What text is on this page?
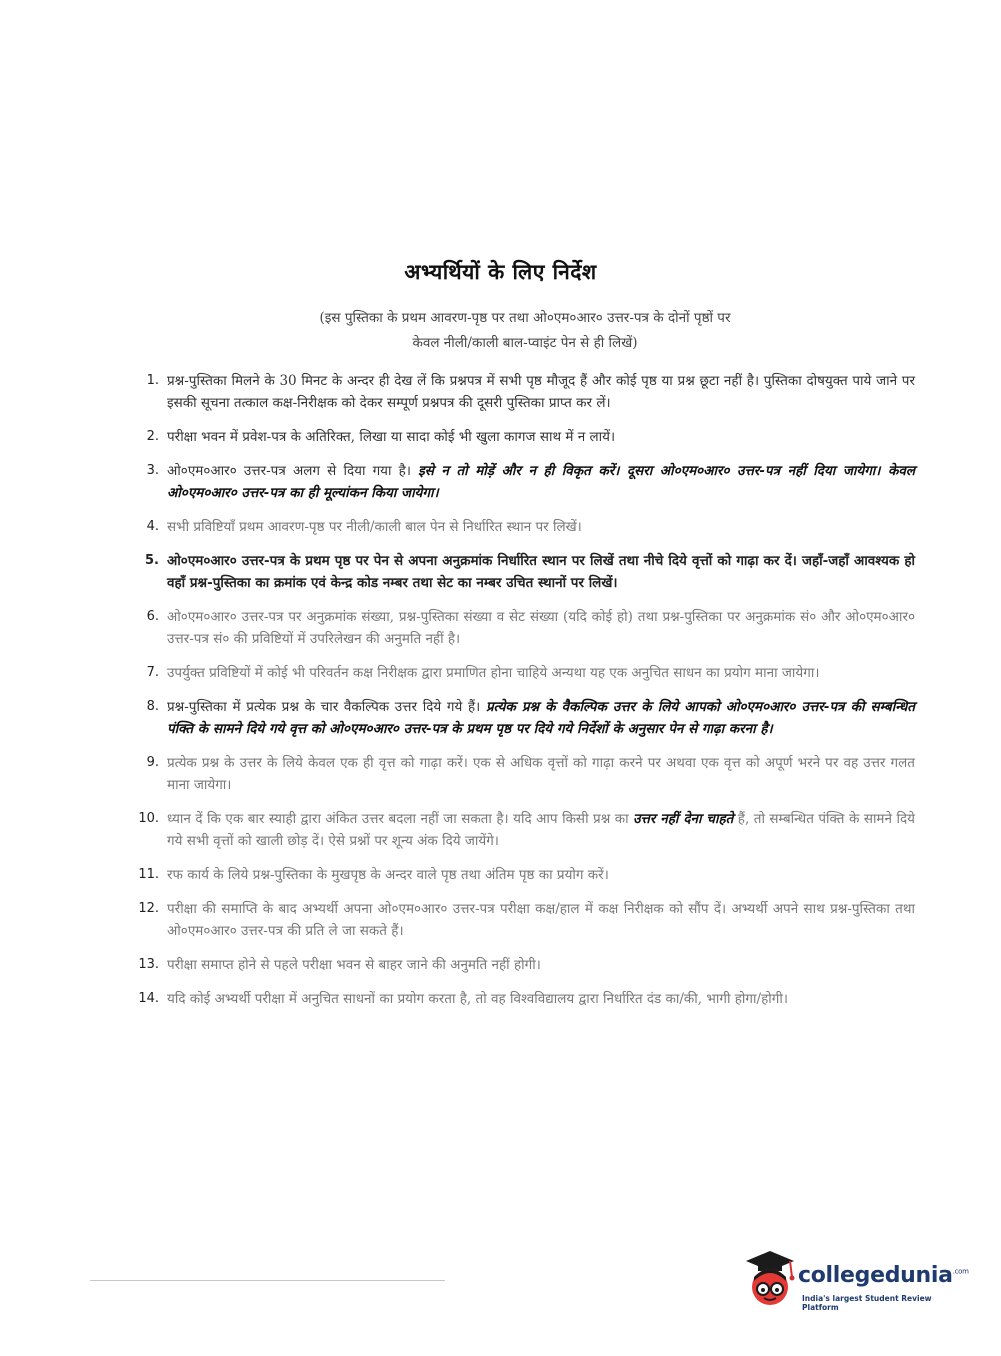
अभ्यर्थियों के लिए निर्देश
(इस पुस्तिका के प्रथम आवरण-पृष्ठ पर तथा ओ०एम०आर० उत्तर-पत्र के दोनों पृष्ठों पर
केवल नीली/काली बाल-प्वाइंट पेन से ही लिखें)
1. प्रश्न-पुस्तिका मिलने के 30 मिनट के अन्दर ही देख लें कि प्रश्नपत्र में सभी पृष्ठ मौजूद हैं और कोई पृष्ठ या प्रश्न छूटा नहीं है। पुस्तिका दोषयुक्त पाये जाने पर इसकी सूचना तत्काल कक्ष-निरीक्षक को देकर सम्पूर्ण प्रश्नपत्र की दूसरी पुस्तिका प्राप्त कर लें।
2. परीक्षा भवन में प्रवेश-पत्र के अतिरिक्त, लिखा या सादा कोई भी खुला कागज साथ में न लायें।
3. ओ०एम०आर० उत्तर-पत्र अलग से दिया गया है। इसे न तो मोड़ें और न ही विकृत करें। दूसरा ओ०एम०आर० उत्तर-पत्र नहीं दिया जायेगा। केवल ओ०एम०आर० उत्तर-पत्र का ही मूल्यांकन किया जायेगा।
4. सभी प्रविष्टियाँ प्रथम आवरण-पृष्ठ पर नीली/काली बाल पेन से निर्धारित स्थान पर लिखें।
5. ओ०एम०आर० उत्तर-पत्र के प्रथम पृष्ठ पर पेन से अपना अनुक्रमांक निर्धारित स्थान पर लिखें तथा नीचे दिये वृत्तों को गाढ़ा कर दें। जहाँ-जहाँ आवश्यक हो वहाँ प्रश्न-पुस्तिका का क्रमांक एवं केन्द्र कोड नम्बर तथा सेट का नम्बर उचित स्थानों पर लिखें।
6. ओ०एम०आर० उत्तर-पत्र पर अनुक्रमांक संख्या, प्रश्न-पुस्तिका संख्या व सेट संख्या (यदि कोई हो) तथा प्रश्न-पुस्तिका पर अनुक्रमांक सं० और ओ०एम०आर० उत्तर-पत्र सं० की प्रविष्टियों में उपरिलेखन की अनुमति नहीं है।
7. उपर्युक्त प्रविष्टियों में कोई भी परिवर्तन कक्ष निरीक्षक द्वारा प्रमाणित होना चाहिये अन्यथा यह एक अनुचित साधन का प्रयोग माना जायेगा।
8. प्रश्न-पुस्तिका में प्रत्येक प्रश्न के चार वैकल्पिक उत्तर दिये गये हैं। प्रत्येक प्रश्न के वैकल्पिक उत्तर के लिये आपको ओ०एम०आर० उत्तर-पत्र की सम्बन्धित पंक्ति के सामने दिये गये वृत्त को ओ०एम०आर० उत्तर-पत्र के प्रथम पृष्ठ पर दिये गये निर्देशों के अनुसार पेन से गाढ़ा करना है।
9. प्रत्येक प्रश्न के उत्तर के लिये केवल एक ही वृत्त को गाढ़ा करें। एक से अधिक वृत्तों को गाढ़ा करने पर अथवा एक वृत्त को अपूर्ण भरने पर वह उत्तर गलत माना जायेगा।
10. ध्यान दें कि एक बार स्याही द्वारा अंकित उत्तर बदला नहीं जा सकता है। यदि आप किसी प्रश्न का उत्तर नहीं देना चाहते हैं, तो सम्बन्धित पंक्ति के सामने दिये गये सभी वृत्तों को खाली छोड़ दें। ऐसे प्रश्नों पर शून्य अंक दिये जायेंगे।
11. रफ कार्य के लिये प्रश्न-पुस्तिका के मुखपृष्ठ के अन्दर वाले पृष्ठ तथा अंतिम पृष्ठ का प्रयोग करें।
12. परीक्षा की समाप्ति के बाद अभ्यर्थी अपना ओ०एम०आर० उत्तर-पत्र परीक्षा कक्ष/हाल में कक्ष निरीक्षक को सौंप दें। अभ्यर्थी अपने साथ प्रश्न-पुस्तिका तथा ओ०एम०आर० उत्तर-पत्र की प्रति ले जा सकते हैं।
13. परीक्षा समाप्त होने से पहले परीक्षा भवन से बाहर जाने की अनुमति नहीं होगी।
14. यदि कोई अभ्यर्थी परीक्षा में अनुचित साधनों का प्रयोग करता है, तो वह विश्वविद्यालय द्वारा निर्धारित दंड का/की, भागी होगा/होगी।
collegedunia$^{.com}$
India's largest Student Review Platform
